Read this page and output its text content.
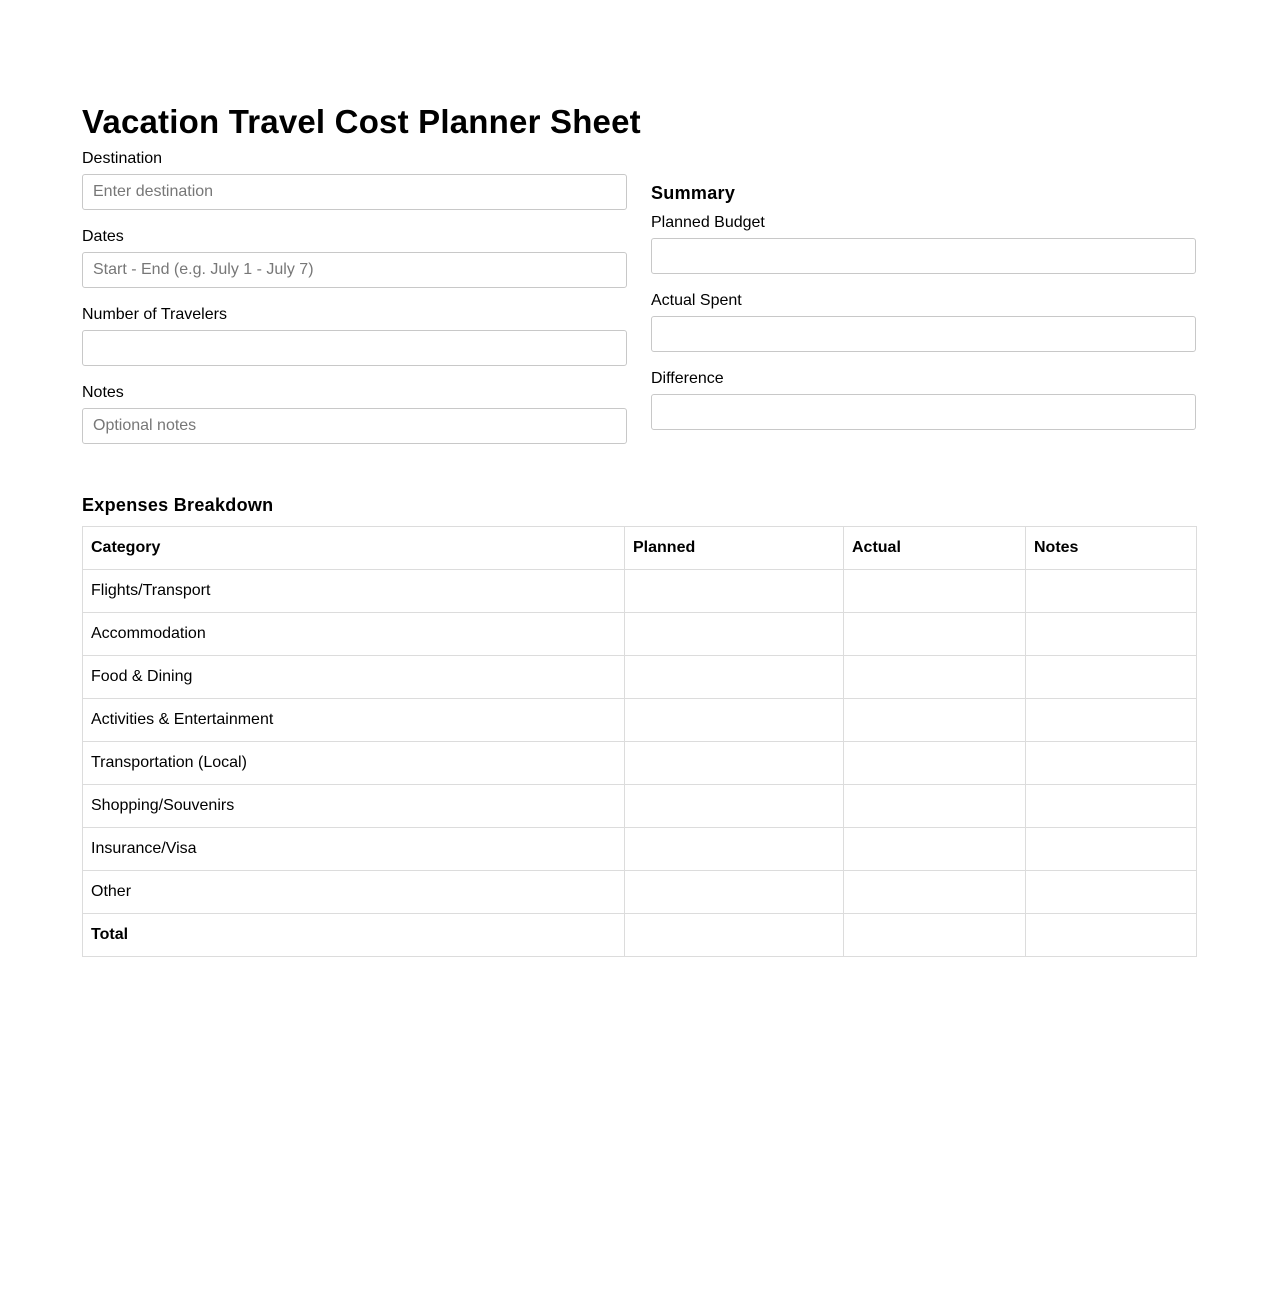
Vacation Travel Cost Planner Sheet
Destination
Enter destination
Dates
Start - End (e.g. July 1 - July 7)
Number of Travelers
Notes
Optional notes
Summary
Planned Budget
Actual Spent
Difference
Expenses Breakdown
Category	Planned	Actual	Notes
Flights/Transport			
Accommodation			
Food & Dining			
Activities & Entertainment			
Transportation (Local)			
Shopping/Souvenirs			
Insurance/Visa			
Other			
Total			
